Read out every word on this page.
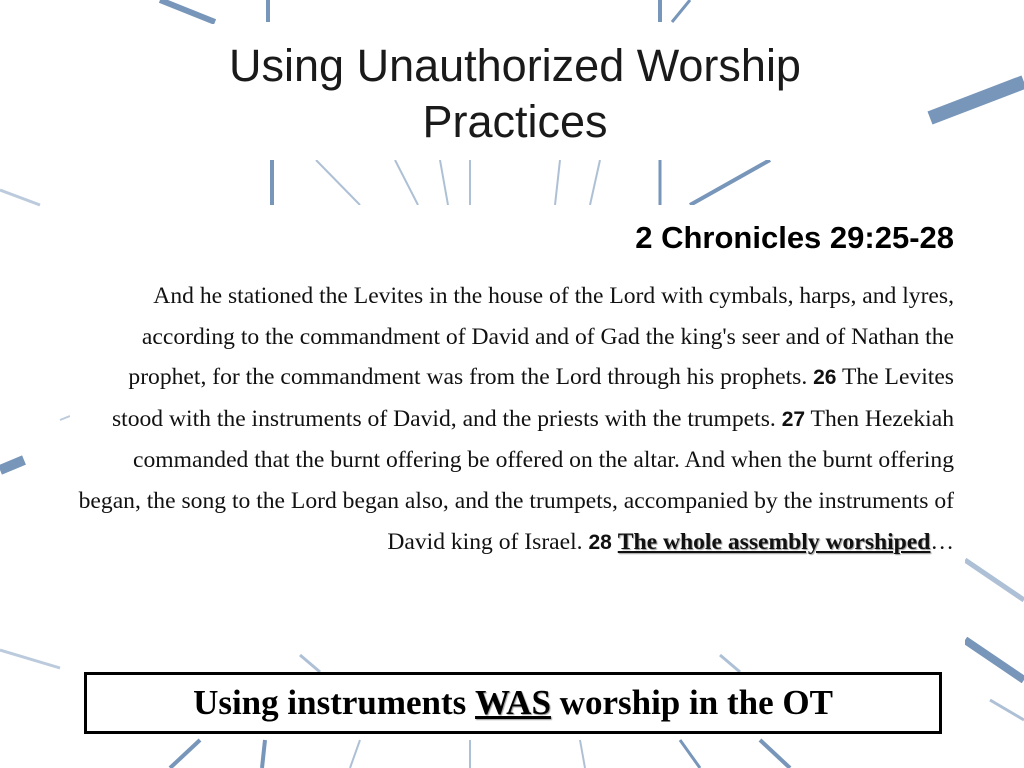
Using Unauthorized Worship
Practices
2 Chronicles 29:25-28

And he stationed the Levites in the house of the Lord with cymbals, harps, and lyres, according to the commandment of David and of Gad the king's seer and of Nathan the prophet, for the commandment was from the Lord through his prophets. 26 The Levites stood with the instruments of David, and the priests with the trumpets. 27 Then Hezekiah commanded that the burnt offering be offered on the altar. And when the burnt offering began, the song to the Lord began also, and the trumpets, accompanied by the instruments of David king of Israel. 28 The whole assembly worshiped…

Using instruments
WAS
worship in the OT
